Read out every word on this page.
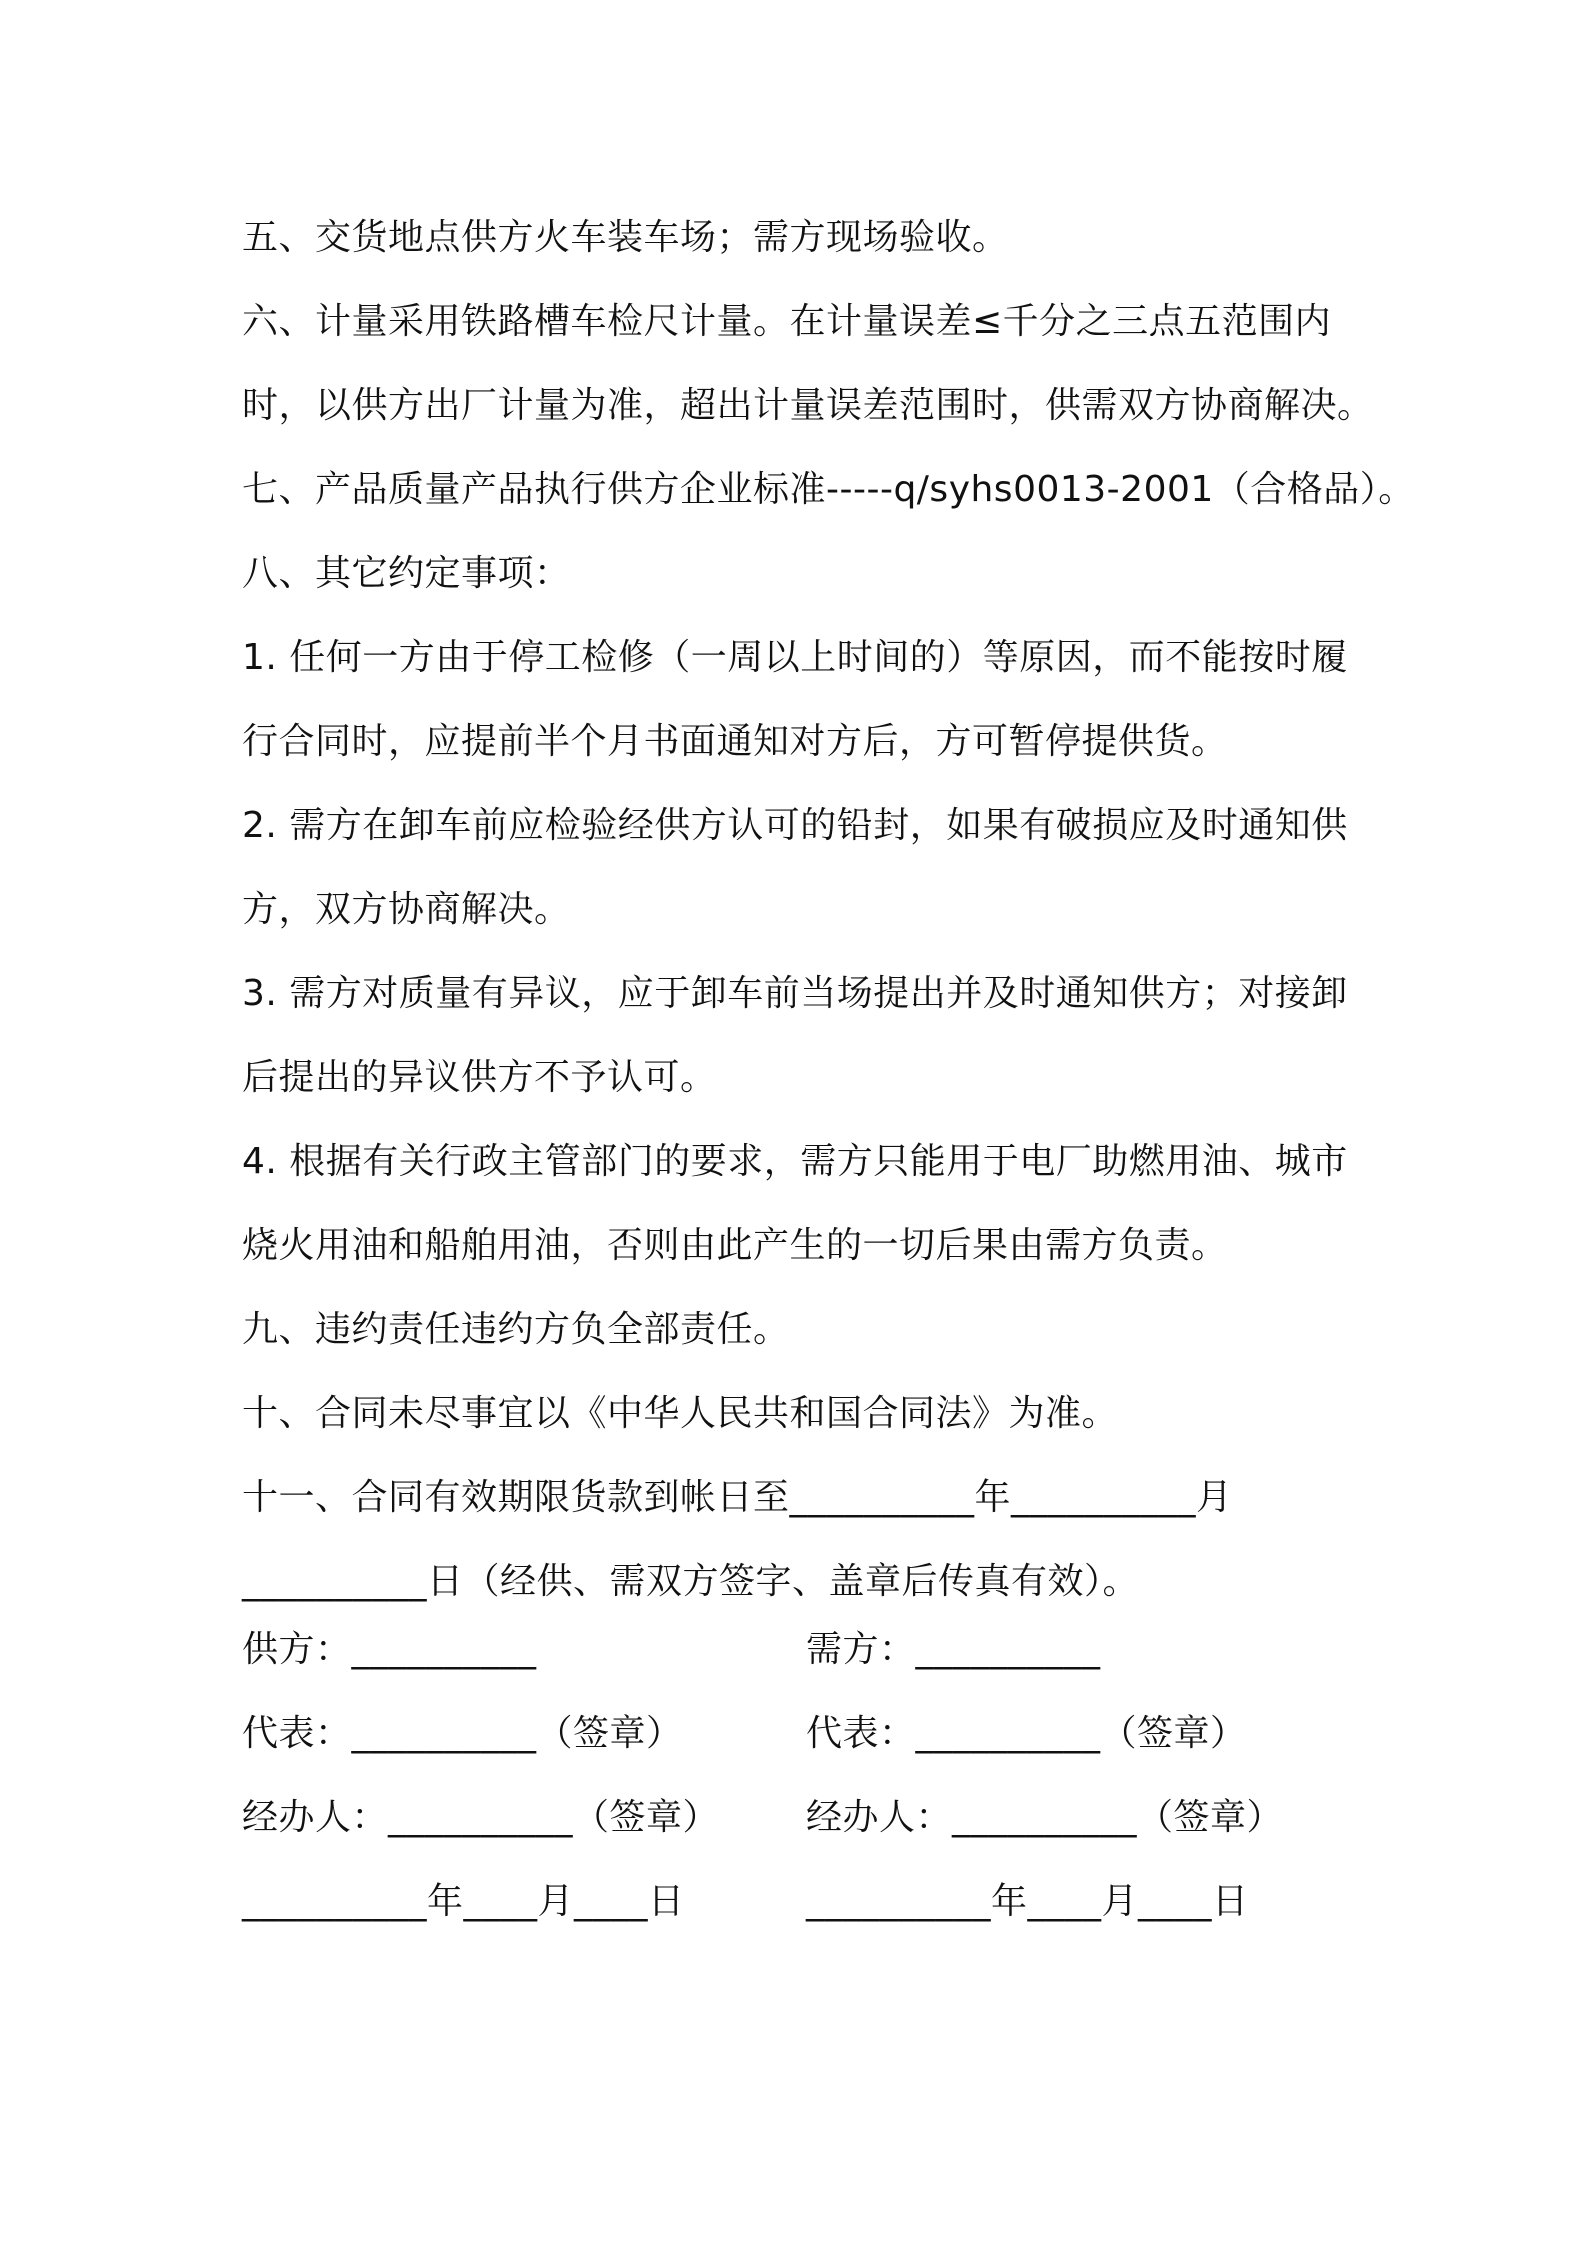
五、交货地点供方火车装车场；需方现场验收。
六、计量采用铁路槽车检尺计量。在计量误差≤千分之三点五范围内
时，以供方出厂计量为准，超出计量误差范围时，供需双方协商解决。
七、产品质量产品执行供方企业标准-----q/syhs0013-2001（合格品）。
八、其它约定事项：
1. 任何一方由于停工检修（一周以上时间的）等原因，而不能按时履
行合同时，应提前半个月书面通知对方后，方可暂停提供货。
2. 需方在卸车前应检验经供方认可的铅封，如果有破损应及时通知供
方，双方协商解决。
3. 需方对质量有异议，应于卸车前当场提出并及时通知供方；对接卸
后提出的异议供方不予认可。
4. 根据有关行政主管部门的要求，需方只能用于电厂助燃用油、城市
烧火用油和船舶用油，否则由此产生的一切后果由需方负责。
九、违约责任违约方负全部责任。
十、合同未尽事宜以《中华人民共和国合同法》为准。
十一、合同有效期限货款到帐日至__________年__________月
__________日（经供、需双方签字、盖章后传真有效）。
供方：__________	需方：__________
代表：__________（签章）	代表：__________（签章）
经办人：__________（签章） 经办人：__________（签章）
__________年____月____日	__________年____月____日
